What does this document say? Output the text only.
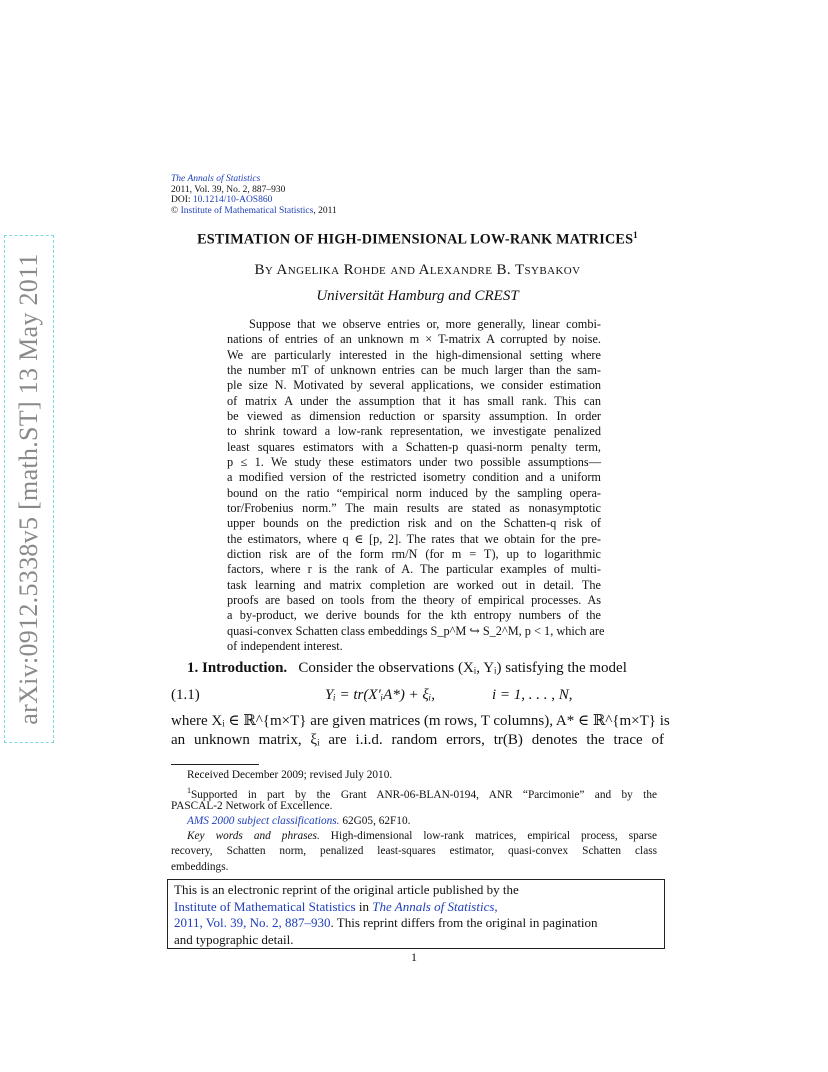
arXiv:0912.5338v5 [math.ST] 13 May 2011
The Annals of Statistics
2011, Vol. 39, No. 2, 887–930
DOI: 10.1214/10-AOS860
© Institute of Mathematical Statistics, 2011
ESTIMATION OF HIGH-DIMENSIONAL LOW-RANK MATRICES$^1$
By Angelika Rohde and Alexandre B. Tsybakov
Universität Hamburg and CREST
Suppose that we observe entries or, more generally, linear combi-
nations of entries of an unknown m × T-matrix A corrupted by noise.
We are particularly interested in the high-dimensional setting where
the number mT of unknown entries can be much larger than the sam-
ple size N. Motivated by several applications, we consider estimation
of matrix A under the assumption that it has small rank. This can
be viewed as dimension reduction or sparsity assumption. In order
to shrink toward a low-rank representation, we investigate penalized
least squares estimators with a Schatten-p quasi-norm penalty term,
p ≤ 1. We study these estimators under two possible assumptions—
a modified version of the restricted isometry condition and a uniform
bound on the ratio “empirical norm induced by the sampling opera-
tor/Frobenius norm.” The main results are stated as nonasymptotic
upper bounds on the prediction risk and on the Schatten-q risk of
the estimators, where q ∈ [p, 2]. The rates that we obtain for the pre-
diction risk are of the form rm/N (for m = T), up to logarithmic
factors, where r is the rank of A. The particular examples of multi-
task learning and matrix completion are worked out in detail. The
proofs are based on tools from the theory of empirical processes. As
a by-product, we derive bounds for the kth entropy numbers of the
quasi-convex Schatten class embeddings S_p^M ↪ S_2^M, p < 1, which are
of independent interest.
1. Introduction. Consider the observations (Xᵢ, Yᵢ) satisfying the model
(1.1)	Yᵢ = tr(X′ᵢA*) + ξᵢ,	i = 1, . . . , N,
where Xᵢ ∈ ℝ^{m×T} are given matrices (m rows, T columns), A* ∈ ℝ^{m×T} is
an unknown matrix, ξᵢ are i.i.d. random errors, tr(B) denotes the trace of
Received December 2009; revised July 2010.
$^1$Supported in part by the Grant ANR-06-BLAN-0194, ANR “Parcimonie” and by the
PASCAL-2 Network of Excellence.
AMS 2000 subject classifications. 62G05, 62F10.
Key words and phrases. High-dimensional low-rank matrices, empirical process, sparse
recovery, Schatten norm, penalized least-squares estimator, quasi-convex Schatten class
embeddings.
This is an electronic reprint of the original article published by the
Institute of Mathematical Statistics in The Annals of Statistics,
2011, Vol. 39, No. 2, 887–930. This reprint differs from the original in pagination
and typographic detail.
1
